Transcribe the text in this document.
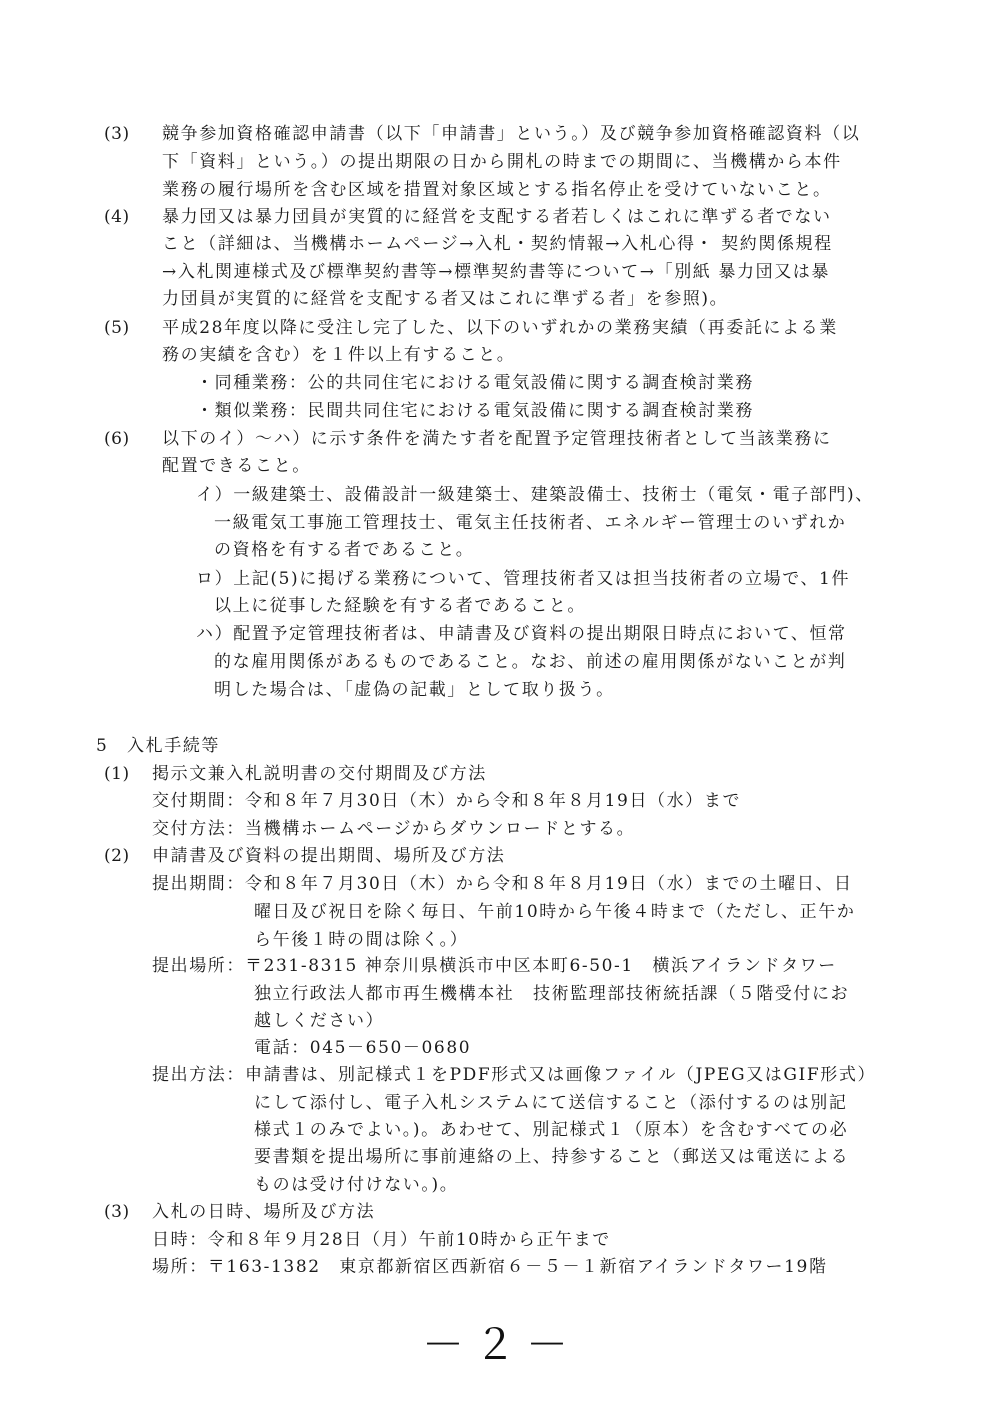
(3) 競争参加資格確認申請書（以下「申請書」という。）及び競争参加資格確認資料（以
下「資料」という。）の提出期限の日から開札の時までの期間に、当機構から本件
業務の履行場所を含む区域を措置対象区域とする指名停止を受けていないこと。
(4) 暴力団又は暴力団員が実質的に経営を支配する者若しくはこれに準ずる者でない
こと（詳細は、当機構ホームページ→入札・契約情報→入札心得・ 契約関係規程
→入札関連様式及び標準契約書等→標準契約書等について→「別紙 暴力団又は暴
力団員が実質的に経営を支配する者又はこれに準ずる者」を参照)。
(5) 平成28年度以降に受注し完了した、以下のいずれかの業務実績（再委託による業
務の実績を含む）を１件以上有すること。
・同種業務：公的共同住宅における電気設備に関する調査検討業務
・類似業務：民間共同住宅における電気設備に関する調査検討業務
(6) 以下のイ）～ハ）に示す条件を満たす者を配置予定管理技術者として当該業務に
配置できること。
イ）一級建築士、設備設計一級建築士、建築設備士、技術士（電気・電子部門)、
一級電気工事施工管理技士、電気主任技術者、エネルギー管理士のいずれか
の資格を有する者であること。
ロ）上記(5)に掲げる業務について、管理技術者又は担当技術者の立場で、1件
以上に従事した経験を有する者であること。
ハ）配置予定管理技術者は、申請書及び資料の提出期限日時点において、恒常
的な雇用関係があるものであること。なお、前述の雇用関係がないことが判
明した場合は、「虚偽の記載」として取り扱う。
5　入札手続等
(1) 掲示文兼入札説明書の交付期間及び方法
交付期間：令和８年７月30日（木）から令和８年８月19日（水）まで
交付方法：当機構ホームページからダウンロードとする。
(2) 申請書及び資料の提出期間、場所及び方法
提出期間：令和８年７月30日（木）から令和８年８月19日（水）までの土曜日、日
曜日及び祝日を除く毎日、午前10時から午後４時まで（ただし、正午か
ら午後１時の間は除く。）
提出場所：〒231-8315 神奈川県横浜市中区本町6-50-1　横浜アイランドタワー
独立行政法人都市再生機構本社　技術監理部技術統括課（５階受付にお
越しください）
電話：045－650－0680
提出方法：申請書は、別記様式１をPDF形式又は画像ファイル（JPEG又はGIF形式）
にして添付し、電子入札システムにて送信すること（添付するのは別記
様式１のみでよい。)。あわせて、別記様式１（原本）を含むすべての必
要書類を提出場所に事前連絡の上、持参すること（郵送又は電送による
ものは受け付けない。)。
(3) 入札の日時、場所及び方法
日時：令和８年９月28日（月）午前10時から正午まで
場所：〒163-1382　東京都新宿区西新宿６－５－１新宿アイランドタワー19階
－２－
